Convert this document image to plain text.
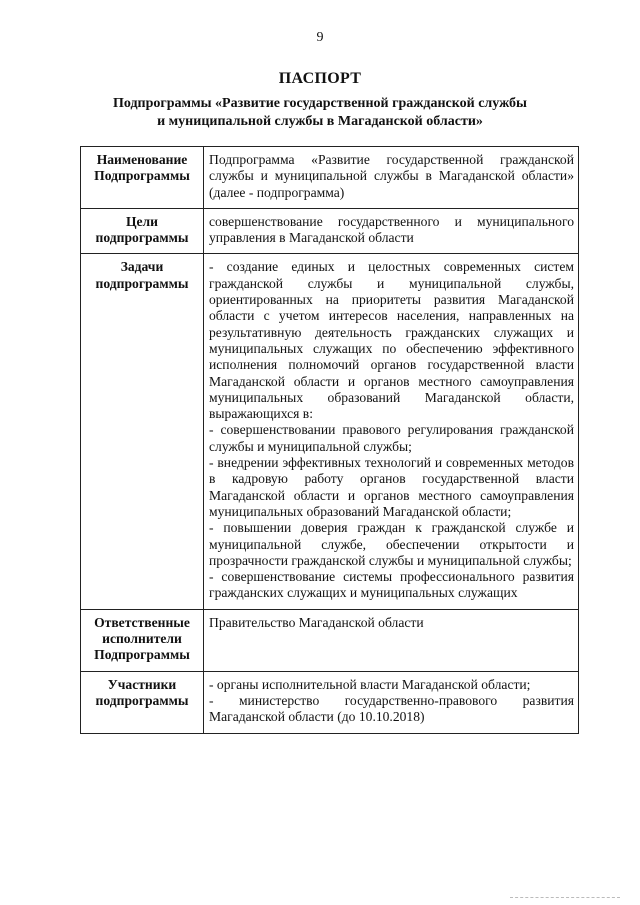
9
ПАСПОРТ
Подпрограммы «Развитие государственной гражданской службы
и муниципальной службы в Магаданской области»
Наименование Подпрограммы	Подпрограмма «Развитие государственной гражданской службы и муниципальной службы в Магаданской области» (далее - подпрограмма)

Цели подпрограммы	совершенствование государственного и муниципального управления в Магаданской области

Задачи подпрограммы	- создание единых и целостных современных систем гражданской службы и муниципальной службы, ориентированных на приоритеты развития Магаданской области с учетом интересов населения, направленных на результативную деятельность гражданских служащих и муниципальных служащих по обеспечению эффективного исполнения полномочий органов государственной власти Магаданской области и органов местного самоуправления муниципальных образований Магаданской области, выражающихся в:
- совершенствовании правового регулирования гражданской службы и муниципальной службы;
- внедрении эффективных технологий и современных методов в кадровую работу органов государственной власти Магаданской области и органов местного самоуправления муниципальных образований Магаданской области;
- повышении доверия граждан к гражданской службе и муниципальной службе, обеспечении открытости и прозрачности гражданской службы и муниципальной службы;
- совершенствование системы профессионального развития гражданских служащих и муниципальных служащих

Ответственные исполнители Подпрограммы	Правительство Магаданской области

Участники подпрограммы	- органы исполнительной власти Магаданской области;
- министерство государственно-правового развития Магаданской области (до 10.10.2018)
